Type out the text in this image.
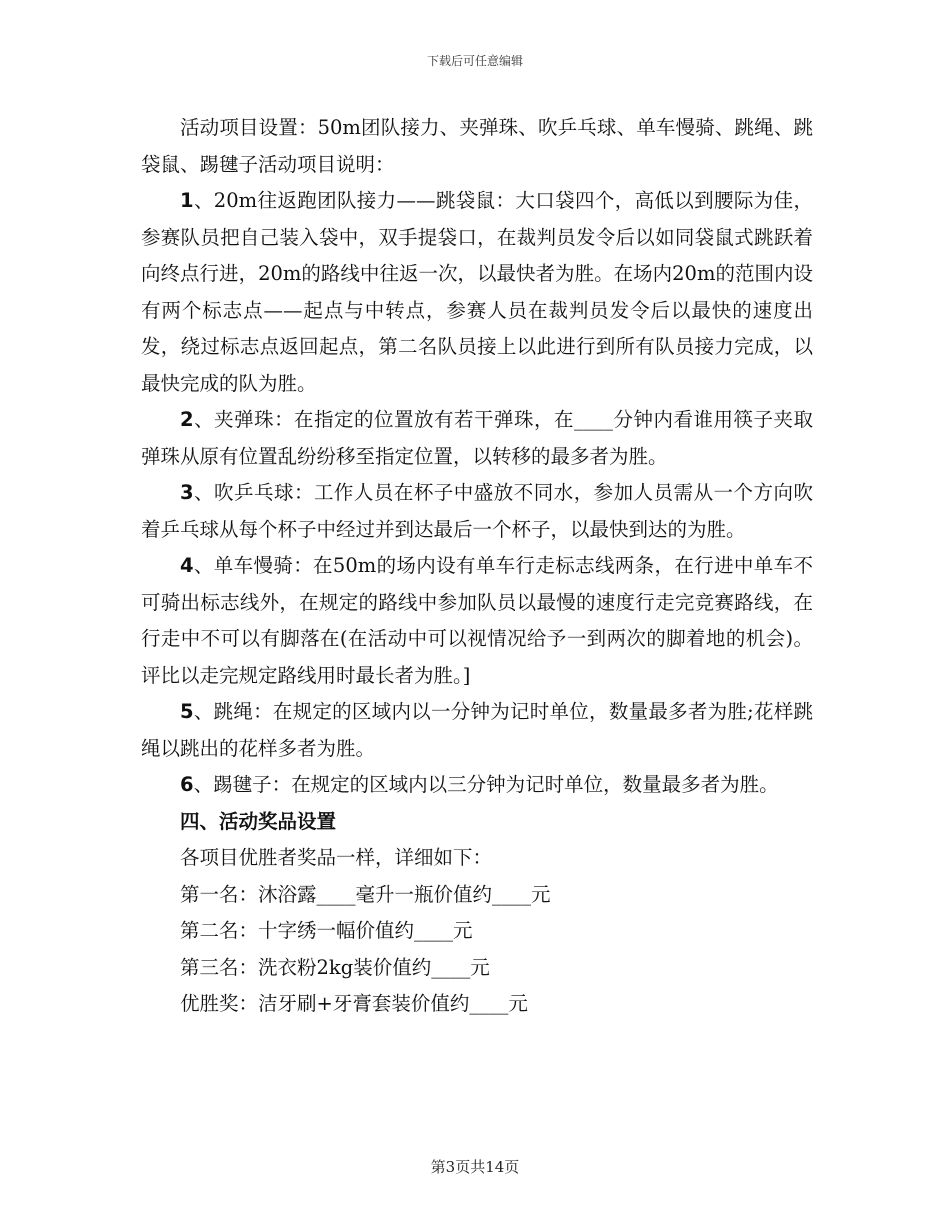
下载后可任意编辑

活动项目设置：50m团队接力、夹弹珠、吹乒乓球、单车慢骑、跳绳、跳袋鼠、踢毽子活动项目说明：

1、20m往返跑团队接力——跳袋鼠：大口袋四个，高低以到腰际为佳，参赛队员把自己装入袋中，双手提袋口，在裁判员发令后以如同袋鼠式跳跃着向终点行进，20m的路线中往返一次，以最快者为胜。在场内20m的范围内设有两个标志点——起点与中转点，参赛人员在裁判员发令后以最快的速度出发，绕过标志点返回起点，第二名队员接上以此进行到所有队员接力完成，以最快完成的队为胜。

2、夹弹珠：在指定的位置放有若干弹珠，在____分钟内看谁用筷子夹取弹珠从原有位置乱纷纷移至指定位置，以转移的最多者为胜。

3、吹乒乓球：工作人员在杯子中盛放不同水，参加人员需从一个方向吹着乒乓球从每个杯子中经过并到达最后一个杯子，以最快到达的为胜。

4、单车慢骑：在50m的场内设有单车行走标志线两条，在行进中单车不可骑出标志线外，在规定的路线中参加队员以最慢的速度行走完竞赛路线，在行走中不可以有脚落在(在活动中可以视情况给予一到两次的脚着地的机会)。评比以走完规定路线用时最长者为胜。]

5、跳绳：在规定的区域内以一分钟为记时单位，数量最多者为胜;花样跳绳以跳出的花样多者为胜。

6、踢毽子：在规定的区域内以三分钟为记时单位，数量最多者为胜。

四、活动奖品设置

各项目优胜者奖品一样，详细如下：

第一名：沐浴露____毫升一瓶价值约____元

第二名：十字绣一幅价值约____元

第三名：洗衣粉2kg装价值约____元

优胜奖：洁牙刷+牙膏套装价值约____元

第3页共14页
